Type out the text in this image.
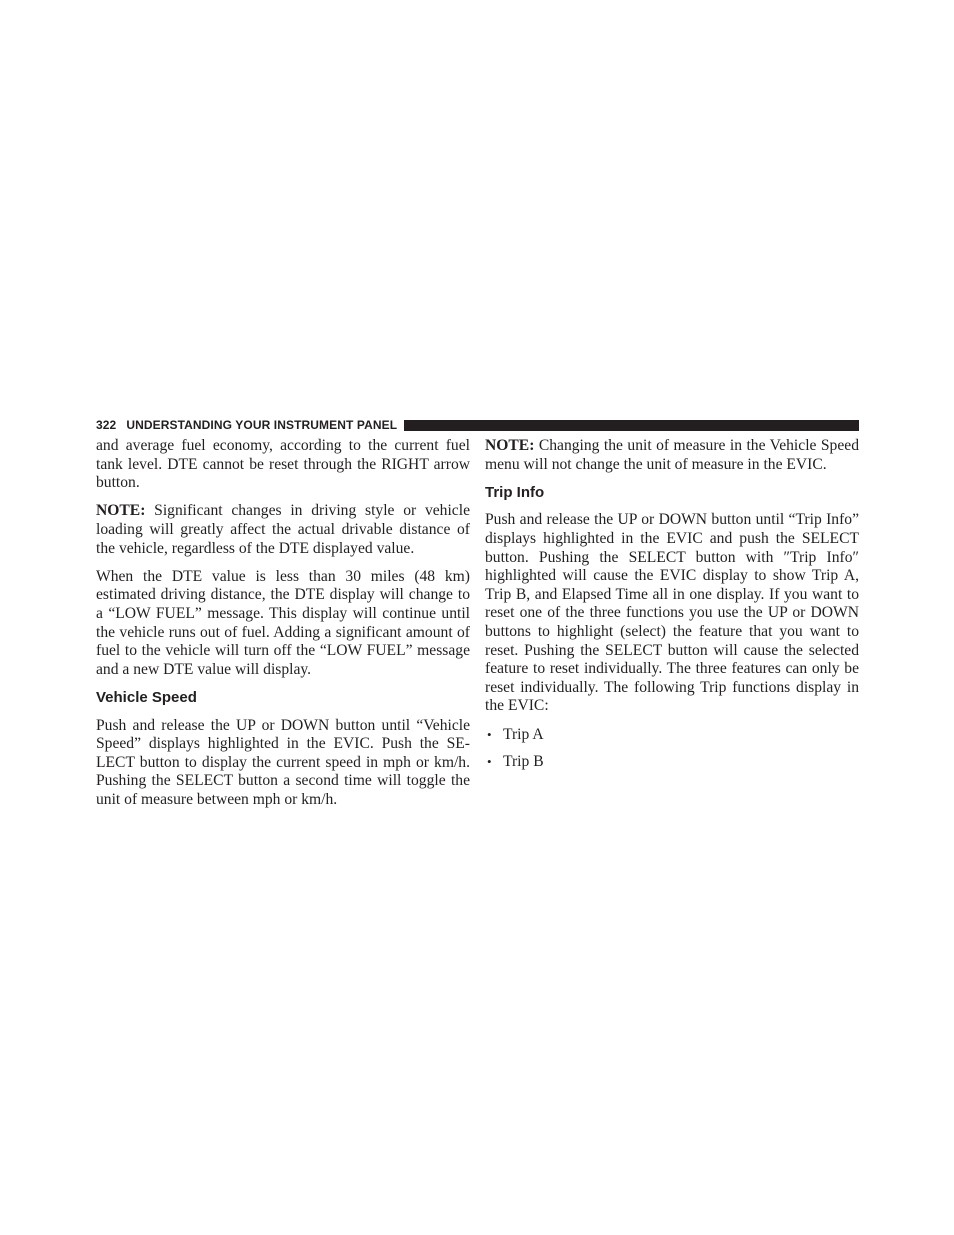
322 UNDERSTANDING YOUR INSTRUMENT PANEL

and average fuel economy, according to the current fuel tank level. DTE cannot be reset through the RIGHT arrow button.

NOTE: Significant changes in driving style or vehicle loading will greatly affect the actual drivable distance of the vehicle, regardless of the DTE displayed value.

When the DTE value is less than 30 miles (48 km) estimated driving distance, the DTE display will change to a “LOW FUEL” message. This display will continue until the vehicle runs out of fuel. Adding a significant amount of fuel to the vehicle will turn off the “LOW FUEL” message and a new DTE value will display.

Vehicle Speed

Push and release the UP or DOWN button until “Vehicle Speed” displays highlighted in the EVIC. Push the SELECT button to display the current speed in mph or km/h. Pushing the SELECT button a second time will toggle the unit of measure between mph or km/h.

NOTE: Changing the unit of measure in the Vehicle Speed menu will not change the unit of measure in the EVIC.

Trip Info

Push and release the UP or DOWN button until “Trip Info” displays highlighted in the EVIC and push the SELECT button. Pushing the SELECT button with ″Trip Info″ highlighted will cause the EVIC display to show Trip A, Trip B, and Elapsed Time all in one display. If you want to reset one of the three functions you use the UP or DOWN buttons to highlight (select) the feature that you want to reset. Pushing the SELECT button will cause the selected feature to reset individually. The three features can only be reset individually. The following Trip functions display in the EVIC:

• Trip A
• Trip B
